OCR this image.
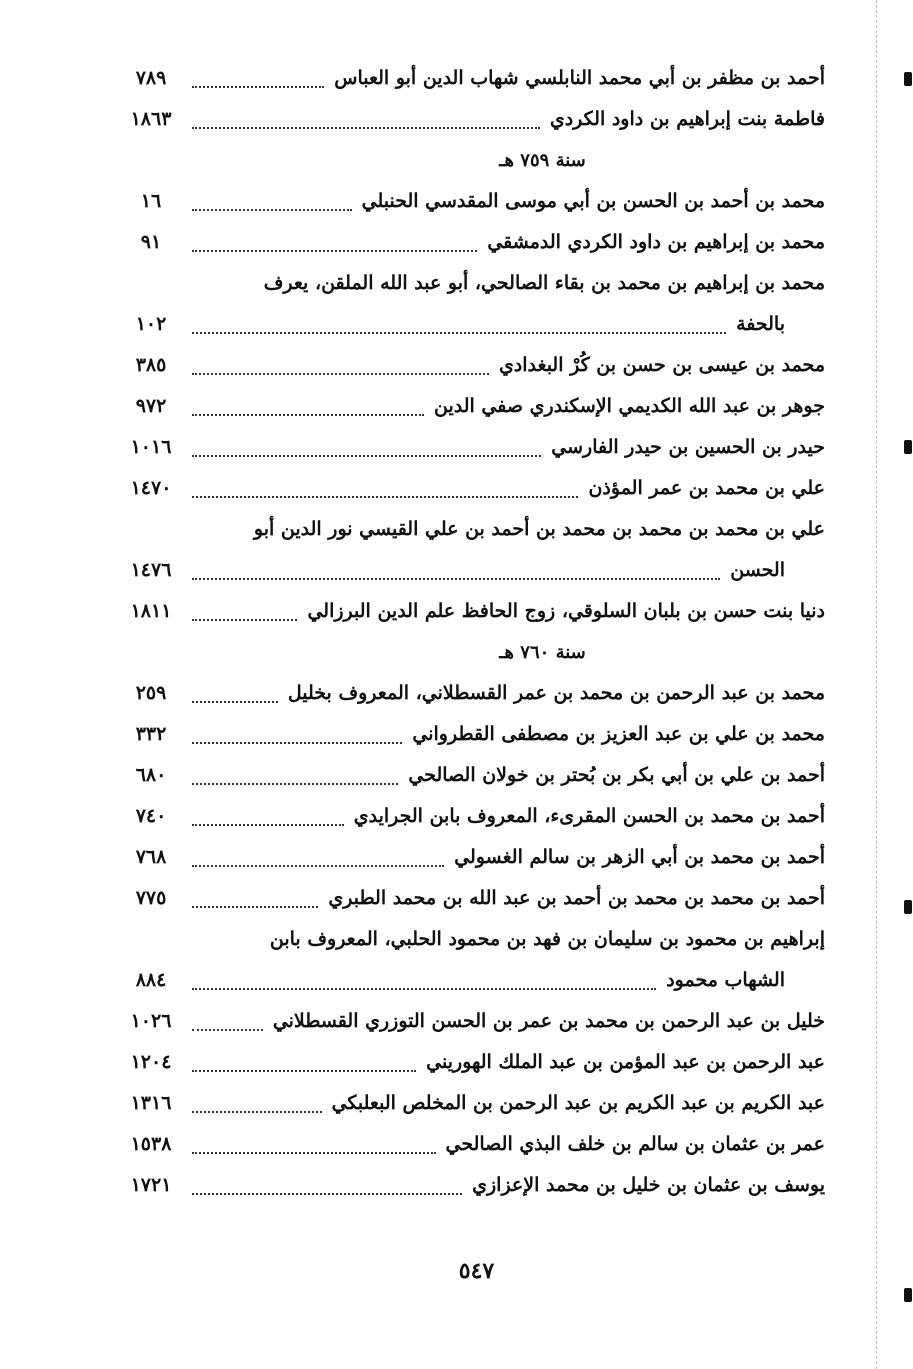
أحمد بن مظفر بن أبي محمد النابلسي شهاب الدين أبو العباس
٧٨٩
فاطمة بنت إبراهيم بن داود الكردي
١٨٦٣
سنة ٧٥٩ هـ
محمد بن أحمد بن الحسن بن أبي موسى المقدسي الحنبلي
١٦
محمد بن إبراهيم بن داود الكردي الدمشقي
٩١
محمد بن إبراهيم بن محمد بن بقاء الصالحي، أبو عبد الله الملقن، يعرف
بالحفة
١٠٢
محمد بن عيسى بن حسن بن كُرْ البغدادي
٣٨٥
جوهر بن عبد الله الكديمي الإسكندري صفي الدين
٩٧٢
حيدر بن الحسين بن حيدر الفارسي
١٠١٦
علي بن محمد بن عمر المؤذن
١٤٧٠
علي بن محمد بن محمد بن محمد بن أحمد بن علي القيسي نور الدين أبو
الحسن
١٤٧٦
دنيا بنت حسن بن بلبان السلوقي، زوج الحافظ علم الدين البرزالي
١٨١١
سنة ٧٦٠ هـ
محمد بن عبد الرحمن بن محمد بن عمر القسطلاني، المعروف بخليل
٢٥٩
محمد بن علي بن عبد العزيز بن مصطفى القطرواني
٣٣٢
أحمد بن علي بن أبي بكر بن بُحتر بن خولان الصالحي
٦٨٠
أحمد بن محمد بن الحسن المقرىء، المعروف بابن الجرايدي
٧٤٠
أحمد بن محمد بن أبي الزهر بن سالم الغسولي
٧٦٨
أحمد بن محمد بن محمد بن أحمد بن عبد الله بن محمد الطبري
٧٧٥
إبراهيم بن محمود بن سليمان بن فهد بن محمود الحلبي، المعروف بابن
الشهاب محمود
٨٨٤
خليل بن عبد الرحمن بن محمد بن عمر بن الحسن التوزري القسطلاني
١٠٢٦
عبد الرحمن بن عبد المؤمن بن عبد الملك الهوريني
١٢٠٤
عبد الكريم بن عبد الكريم بن عبد الرحمن بن المخلص البعلبكي
١٣١٦
عمر بن عثمان بن سالم بن خلف البذي الصالحي
١٥٣٨
يوسف بن عثمان بن خليل بن محمد الإعزازي
١٧٢١
٥٤٧
